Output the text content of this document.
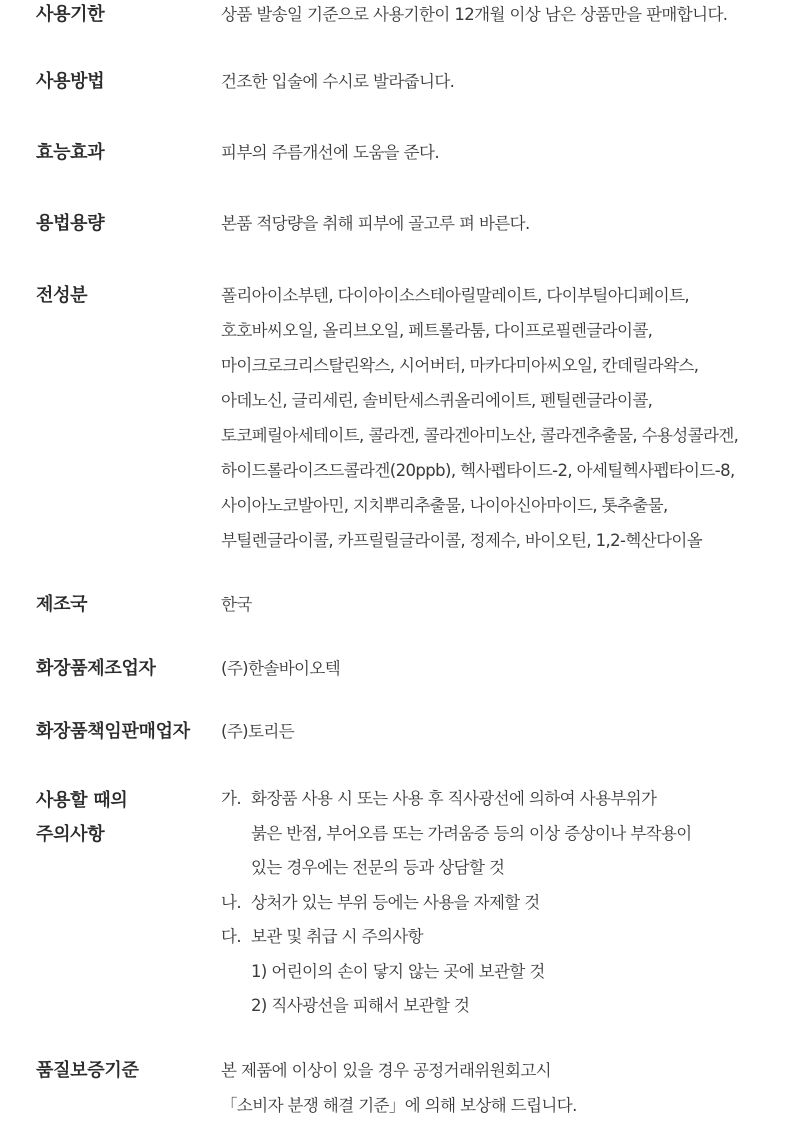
사용기한	상품 발송일 기준으로 사용기한이 12개월 이상 남은 상품만을 판매합니다.
사용방법	건조한 입술에 수시로 발라줍니다.
효능효과	피부의 주름개선에 도움을 준다.
용법용량	본품 적당량을 취해 피부에 골고루 펴 바른다.
전성분	폴리아이소부텐, 다이아이소스테아릴말레이트, 다이부틸아디페이트,
호호바씨오일, 올리브오일, 페트롤라툼, 다이프로필렌글라이콜,
마이크로크리스탈린왁스, 시어버터, 마카다미아씨오일, 칸데릴라왁스,
아데노신, 글리세린, 솔비탄세스퀴올리에이트, 펜틸렌글라이콜,
토코페릴아세테이트, 콜라겐, 콜라겐아미노산, 콜라겐추출물, 수용성콜라겐,
하이드롤라이즈드콜라겐(20ppb), 헥사펩타이드-2, 아세틸헥사펩타이드-8,
사이아노코발아민, 지치뿌리추출물, 나이아신아마이드, 톳추출물,
부틸렌글라이콜, 카프릴릴글라이콜, 정제수, 바이오틴, 1,2-헥산다이올
제조국	한국
화장품제조업자	(주)한솔바이오텍
화장품책임판매업자	(주)토리든
사용할 때의
주의사항
가. 화장품 사용 시 또는 사용 후 직사광선에 의하여 사용부위가
붉은 반점, 부어오름 또는 가려움증 등의 이상 증상이나 부작용이
있는 경우에는 전문의 등과 상담할 것
나. 상처가 있는 부위 등에는 사용을 자제할 것
다. 보관 및 취급 시 주의사항
1) 어린이의 손이 닿지 않는 곳에 보관할 것
2) 직사광선을 피해서 보관할 것
품질보증기준	본 제품에 이상이 있을 경우 공정거래위원회고시
「소비자 분쟁 해결 기준」에 의해 보상해 드립니다.
